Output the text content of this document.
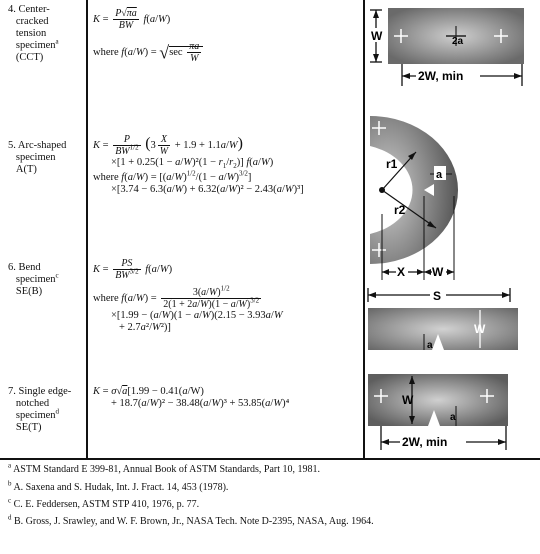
4. Center-
cracked
tension
specimen$^a$
(CCT)
$K = \frac{P√\pi a}{BW} f(a/W)$
where $f(a/W) = √\sec \frac{\pi a}{W}$
5. Arc-shaped
specimen
A(T)
$K = \frac{P}{BW^{1/2}} (3 \frac{X}{W} + 1.9 + 1.1a/W)$
$\times[1 + 0.25(1 - a/W)^2(1 - r_1/r_2)]$ f(a/W)
where $f(a/W) = [(a/W)^{1/2}/(1 - a/W)^{3/2}]$
×[3.74 − 6.3(a/W) + 6.32(a/W)² − 2.43(a/W)³]
6. Bend
specimen$^c$
SE(B)
$K = \frac{PS}{BW^{3/2}} f(a/W)$
where $f(a/W) = \frac{3(a/W)^{1/2}}{2(1 + 2a/W)(1 - a/W)^{3/2}}$
×[1.99 − (a/W)(1 − a/W)(2.15 − 3.93a/W
+ 2.7a²/W²)]
7. Single edge-
notched
specimen$^d$
SE(T)
K = σ√a[1.99 − 0.41(a/W)
+ 18.7(a/W)² − 38.48(a/W)³ + 53.85(a/W)⁴
W	2a
2W, min
r1
r2
a
X W
S
W
a
W
a
2W, min
$^a$ ASTM Standard E 399-81, Annual Book of ASTM Standards, Part 10, 1981.
$^b$ A. Saxena and S. Hudak, Int. J. Fract. 14, 453 (1978).
$^c$ C. E. Feddersen, ASTM STP 410, 1976, p. 77.
$^d$ B. Gross, J. Srawley, and W. F. Brown, Jr., NASA Tech. Note D-2395, NASA, Aug. 1964.
